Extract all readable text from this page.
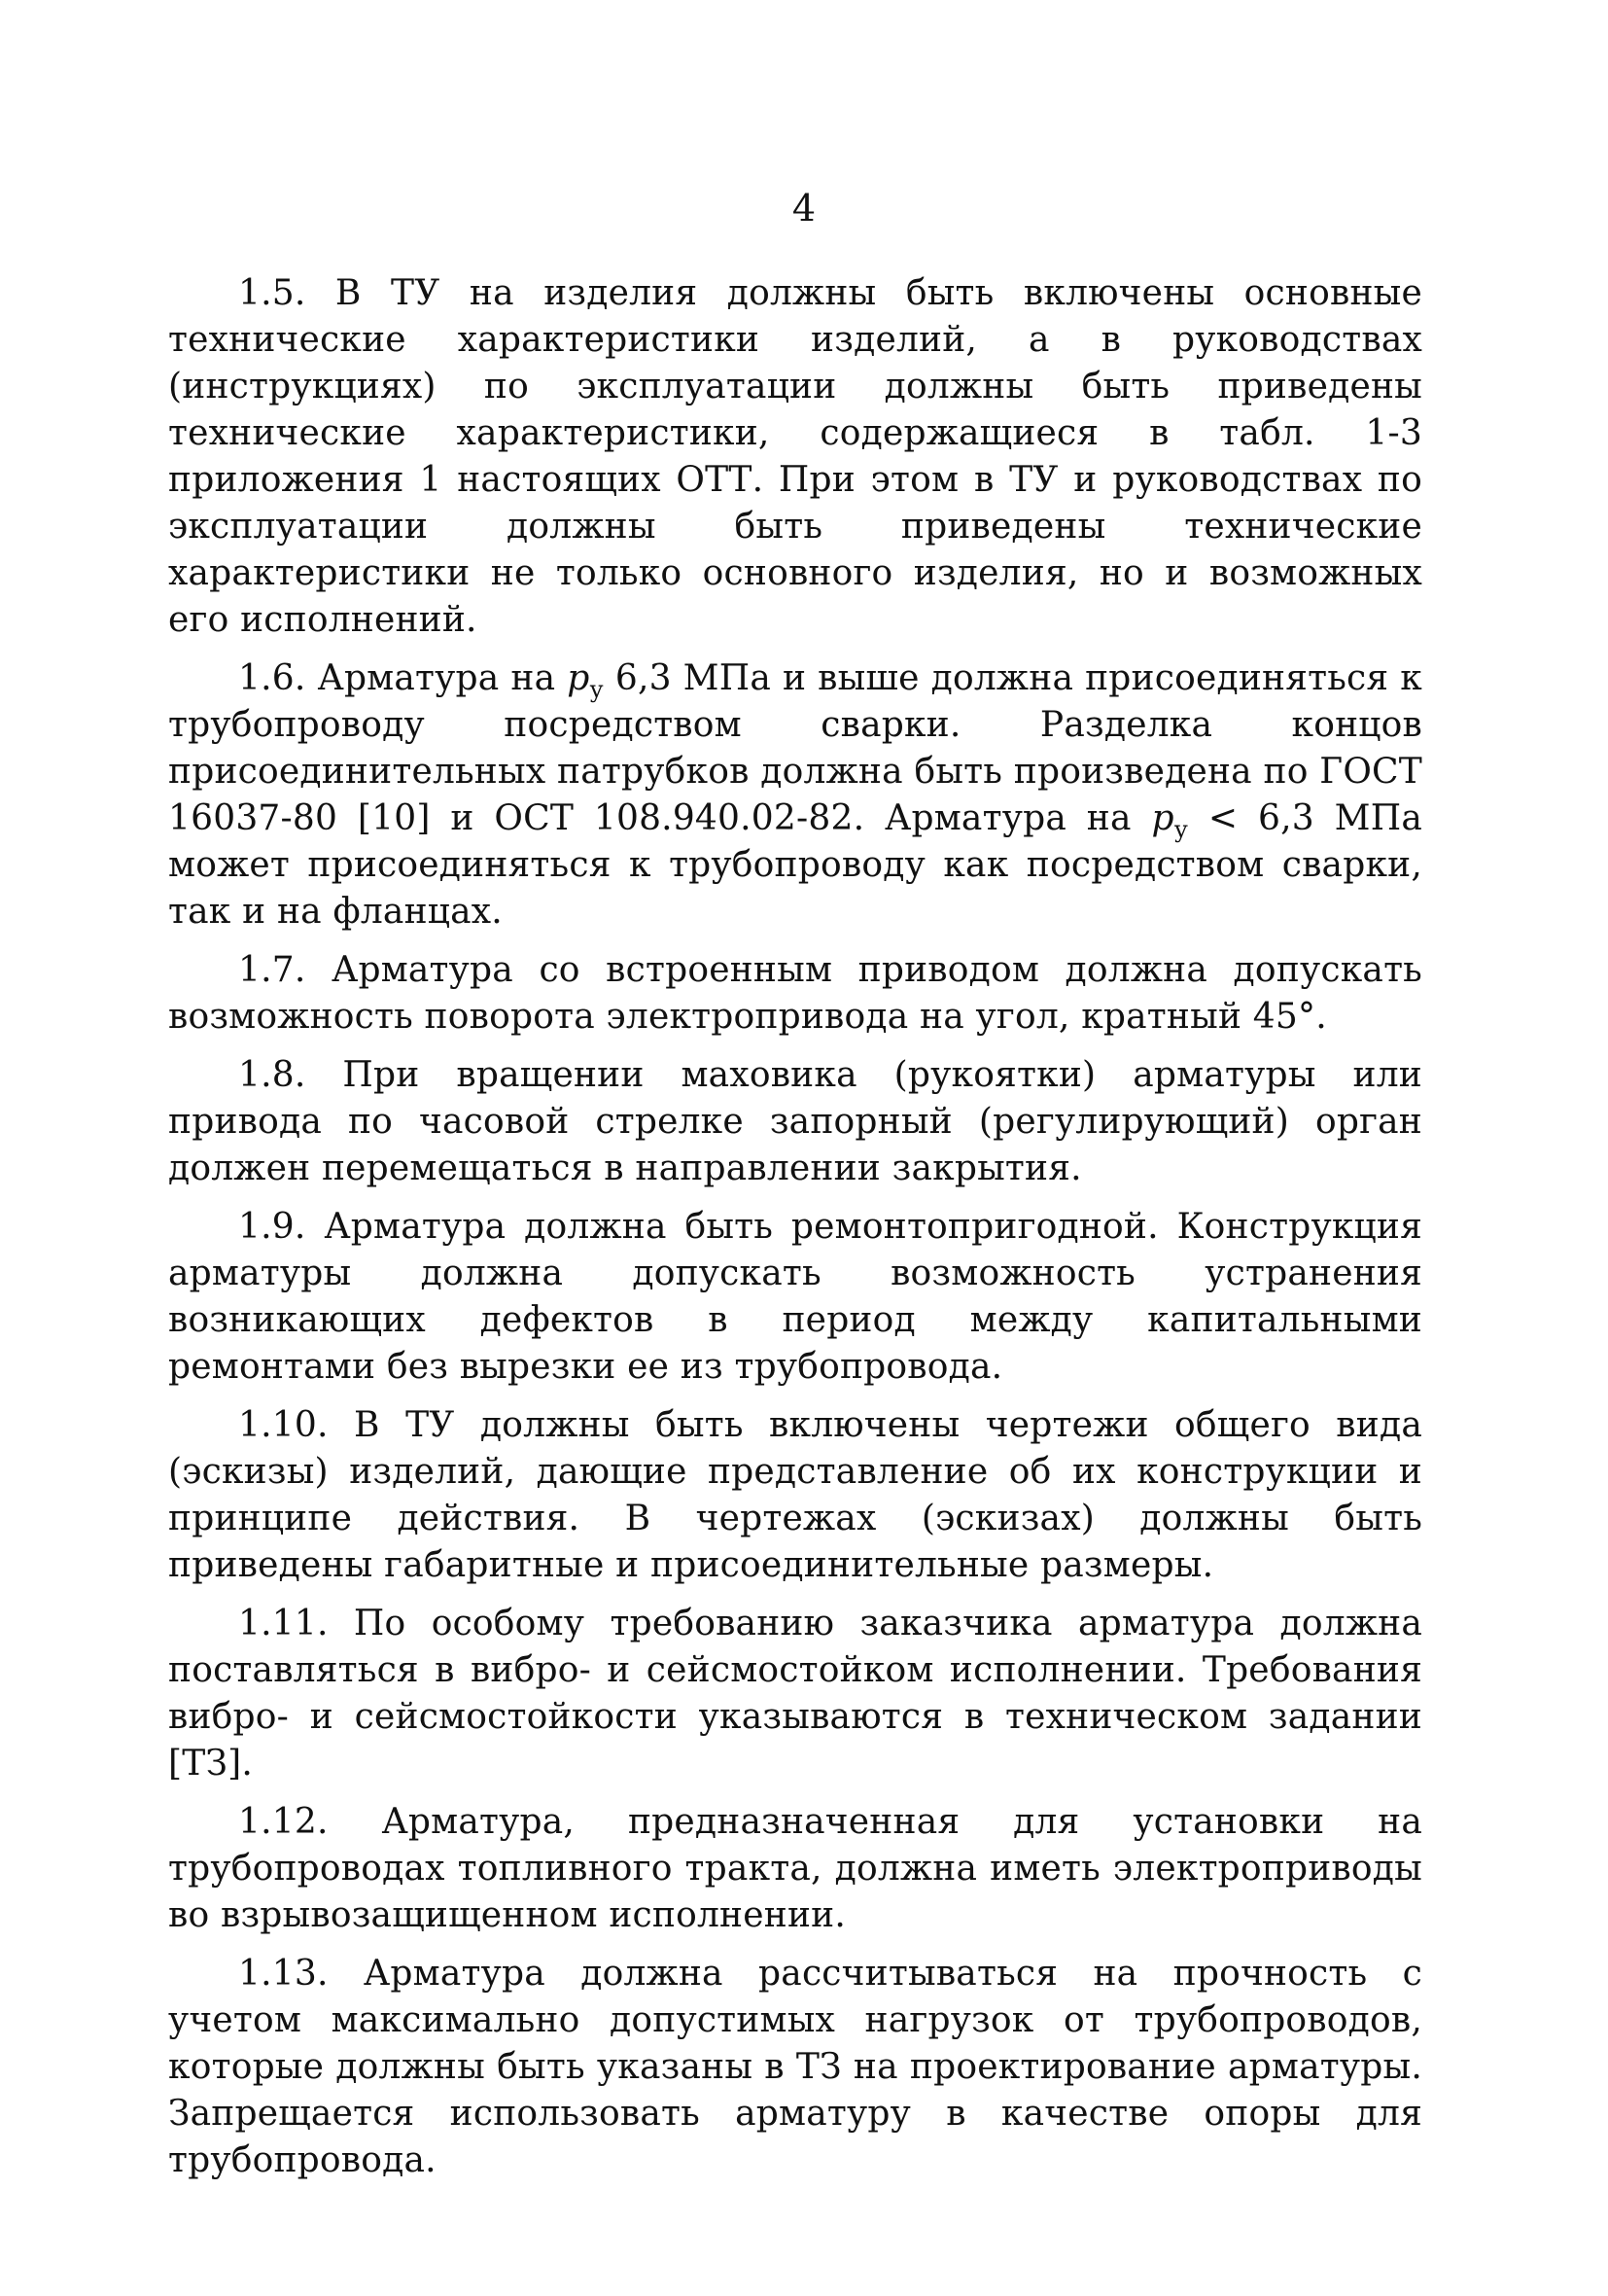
4

1.5. В ТУ на изделия должны быть включены основные технические характеристики изделий, а в руководствах (инструкциях) по эксплуатации должны быть приведены технические характеристики, содержащиеся в табл. 1-3 приложения 1 настоящих ОТТ. При этом в ТУ и руководствах по эксплуатации должны быть приведены технические характеристики не только основного изделия, но и возможных его исполнений.

1.6. Арматура на $p_у$ 6,3 МПа и выше должна присоединяться к трубопроводу посредством сварки. Разделка концов присоединительных патрубков должна быть произведена по ГОСТ 16037-80 [10] и ОСТ 108.940.02-82. Арматура на $p_у < 6,3$ МПа может присоединяться к трубопроводу как посредством сварки, так и на фланцах.

1.7. Арматура со встроенным приводом должна допускать возможность поворота электропривода на угол, кратный 45°.

1.8. При вращении маховика (рукоятки) арматуры или привода по часовой стрелке запорный (регулирующий) орган должен перемещаться в направлении закрытия.

1.9. Арматура должна быть ремонтопригодной. Конструкция арматуры должна допускать возможность устранения возникающих дефектов в период между капитальными ремонтами без вырезки ее из трубопровода.

1.10. В ТУ должны быть включены чертежи общего вида (эскизы) изделий, дающие представление об их конструкции и принципе действия. В чертежах (эскизах) должны быть приведены габаритные и присоединительные размеры.

1.11. По особому требованию заказчика арматура должна поставляться в вибро- и сейсмостойком исполнении. Требования вибро- и сейсмостойкости указываются в техническом задании [ТЗ].

1.12. Арматура, предназначенная для установки на трубопроводах топливного тракта, должна иметь электроприводы во взрывозащищенном исполнении.

1.13. Арматура должна рассчитываться на прочность с учетом максимально допустимых нагрузок от трубопроводов, которые должны быть указаны в ТЗ на проектирование арматуры. Запрещается использовать арматуру в качестве опоры для трубопровода.
